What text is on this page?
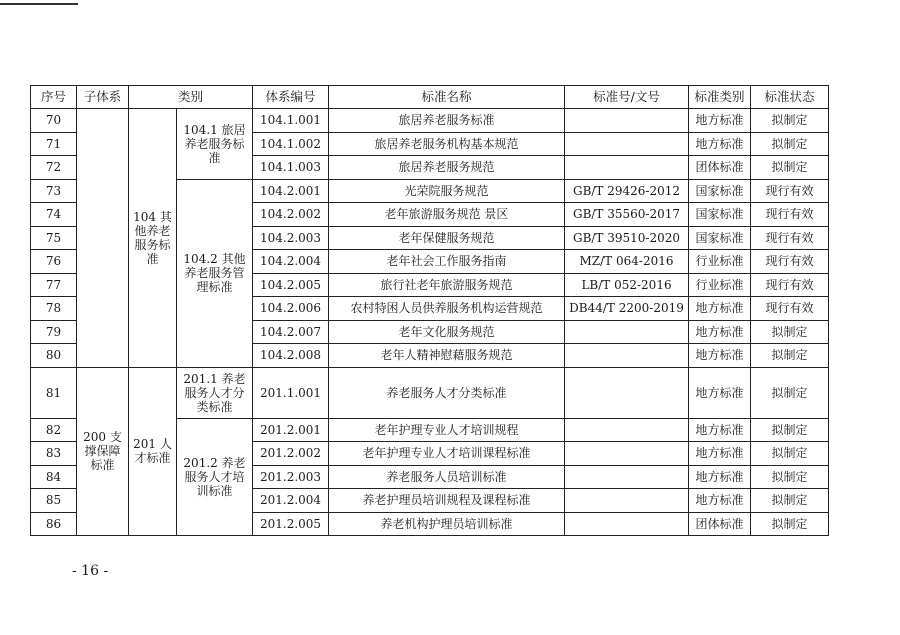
序号	子体系	类别		体系编号	标准名称	标准号/文号	标准类别	标准状态
70		104 其他养老服务标准	104.1 旅居养老服务标准	104.1.001	旅居养老服务标准		地方标准	拟制定
71				104.1.002	旅居养老服务机构基本规范		地方标准	拟制定
72				104.1.003	旅居养老服务规范		团体标准	拟制定
73			104.2 其他养老服务管理标准	104.2.001	光荣院服务规范	GB/T 29426-2012	国家标准	现行有效
74				104.2.002	老年旅游服务规范 景区	GB/T 35560-2017	国家标准	现行有效
75				104.2.003	老年保健服务规范	GB/T 39510-2020	国家标准	现行有效
76				104.2.004	老年社会工作服务指南	MZ/T 064-2016	行业标准	现行有效
77				104.2.005	旅行社老年旅游服务规范	LB/T 052-2016	行业标准	现行有效
78				104.2.006	农村特困人员供养服务机构运营规范	DB44/T 2200-2019	地方标准	现行有效
79				104.2.007	老年文化服务规范		地方标准	拟制定
80				104.2.008	老年人精神慰藉服务规范		地方标准	拟制定
81	200 支撑保障标准	201 人才标准	201.1 养老服务人才分类标准	201.1.001	养老服务人才分类标准		地方标准	拟制定
82			201.2 养老服务人才培训标准	201.2.001	老年护理专业人才培训规程		地方标准	拟制定
83				201.2.002	老年护理专业人才培训课程标准		地方标准	拟制定
84				201.2.003	养老服务人员培训标准		地方标准	拟制定
85				201.2.004	养老护理员培训规程及课程标准		地方标准	拟制定
86				201.2.005	养老机构护理员培训标准		团体标准	拟制定
- 16 -
